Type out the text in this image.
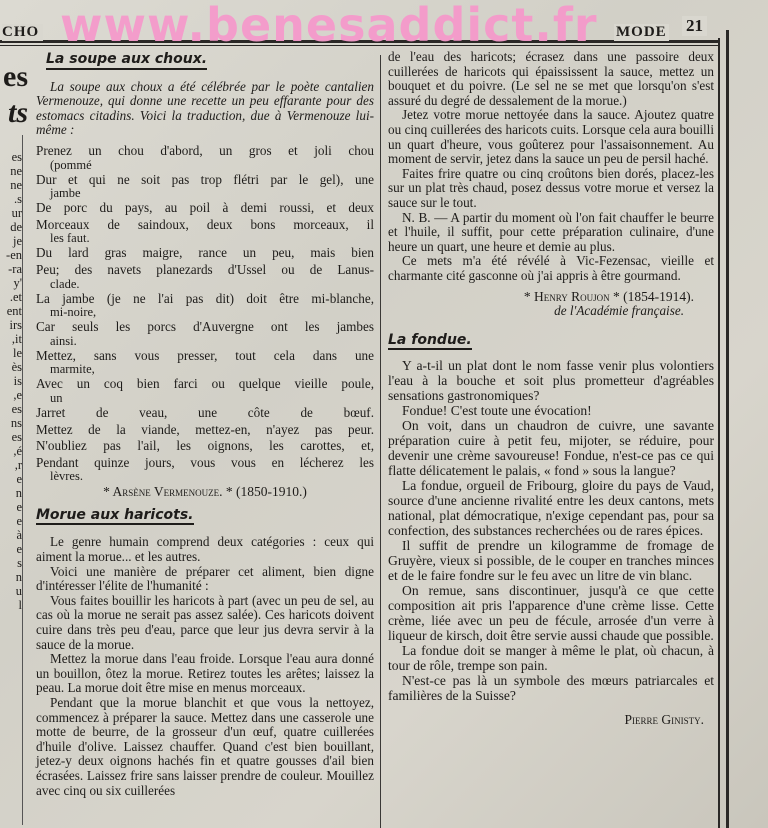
www.benesaddict.fr
CHO	MODE 21
es
ts
es
ne
ne
s.
ur
de
je
en-
ra-
'y
et.
ent
irs
it,
le
ès
is
e,
es
ns
es
é,
r,
e
n
e
e
à
e
s
n
u
l
La soupe aux choux.

La soupe aux choux a été célébrée par le poète cantalien Vermenouze, qui donne une recette un peu effarante pour des estomacs citadins. Voici la traduction, due à Vermenouze lui-même :

Prenez un chou d'abord, un gros et joli chou
(pommé
Dur et qui ne soit pas trop flétri par le gel), une
jambe
De porc du pays, au poil à demi roussi, et deux
Morceaux de saindoux, deux bons morceaux, il
les faut.
Du lard gras maigre, rance un peu, mais bien
Peu; des navets planezards d'Ussel ou de Lanus-
clade.
La jambe (je ne l'ai pas dit) doit être mi-blanche,
mi-noire,
Car seuls les porcs d'Auvergne ont les jambes
ainsi.
Mettez, sans vous presser, tout cela dans une
marmite,
Avec un coq bien farci ou quelque vieille poule,
un
Jarret de veau, une côte de bœuf.
Mettez de la viande, mettez-en, n'ayez pas peur.
N'oubliez pas l'ail, les oignons, les carottes, et,
Pendant quinze jours, vous vous en lécherez les
lèvres.
* Arsène Vermenouze. * (1850-1910.)
Morue aux haricots.

Le genre humain comprend deux catégories : ceux qui aiment la morue... et les autres.

Voici une manière de préparer cet aliment, bien digne d'intéresser l'élite de l'humanité :

Vous faites bouillir les haricots à part (avec un peu de sel, au cas où la morue ne serait pas assez salée). Ces haricots doivent cuire dans très peu d'eau, parce que leur jus devra servir à la sauce de la morue.

Mettez la morue dans l'eau froide. Lorsque l'eau aura donné un bouillon, ôtez la morue. Retirez toutes les arêtes; laissez la peau. La morue doit être mise en menus morceaux.

Pendant que la morue blanchit et que vous la nettoyez, commencez à préparer la sauce. Mettez dans une casserole une motte de beurre, de la grosseur d'un œuf, quatre cuillerées d'huile d'olive. Laissez chauffer. Quand c'est bien bouillant, jetez-y deux oignons hachés fin et quatre gousses d'ail bien écrasées. Laissez frire sans laisser prendre de couleur. Mouillez avec cinq ou six cuillerées

de l'eau des haricots; écrasez dans une passoire deux cuillerées de haricots qui épaississent la sauce, mettez un bouquet et du poivre. (Le sel ne se met que lorsqu'on s'est assuré du degré de dessalement de la morue.)

Jetez votre morue nettoyée dans la sauce. Ajoutez quatre ou cinq cuillerées des haricots cuits. Lorsque cela aura bouilli un quart d'heure, vous goûterez pour l'assaisonnement. Au moment de servir, jetez dans la sauce un peu de persil haché.

Faites frire quatre ou cinq croûtons bien dorés, placez-les sur un plat très chaud, posez dessus votre morue et versez la sauce sur le tout.

N. B. — A partir du moment où l'on fait chauffer le beurre et l'huile, il suffit, pour cette préparation culinaire, d'une heure un quart, une heure et demie au plus.

Ce mets m'a été révélé à Vic-Fezensac, vieille et charmante cité gasconne où j'ai appris à être gourmand.

* Henry Roujon * (1854-1914).
de l'Académie française.
La fondue.

Y a-t-il un plat dont le nom fasse venir plus volontiers l'eau à la bouche et soit plus prometteur d'agréables sensations gastronomiques?

Fondue! C'est toute une évocation!

On voit, dans un chaudron de cuivre, une savante préparation cuire à petit feu, mijoter, se réduire, pour devenir une crème savoureuse! Fondue, n'est-ce pas ce qui flatte délicatement le palais, « fond » sous la langue?

La fondue, orgueil de Fribourg, gloire du pays de Vaud, source d'une ancienne rivalité entre les deux cantons, mets national, plat démocratique, n'exige cependant pas, pour sa confection, des substances recherchées ou de rares épices.

Il suffit de prendre un kilogramme de fromage de Gruyère, vieux si possible, de le couper en tranches minces et de le faire fondre sur le feu avec un litre de vin blanc.

On remue, sans discontinuer, jusqu'à ce que cette composition ait pris l'apparence d'une crème lisse. Cette crème, liée avec un peu de fécule, arrosée d'un verre à liqueur de kirsch, doit être servie aussi chaude que possible.

La fondue doit se manger à même le plat, où chacun, à tour de rôle, trempe son pain.

N'est-ce pas là un symbole des mœurs patriarcales et familières de la Suisse?

Pierre Ginisty.
